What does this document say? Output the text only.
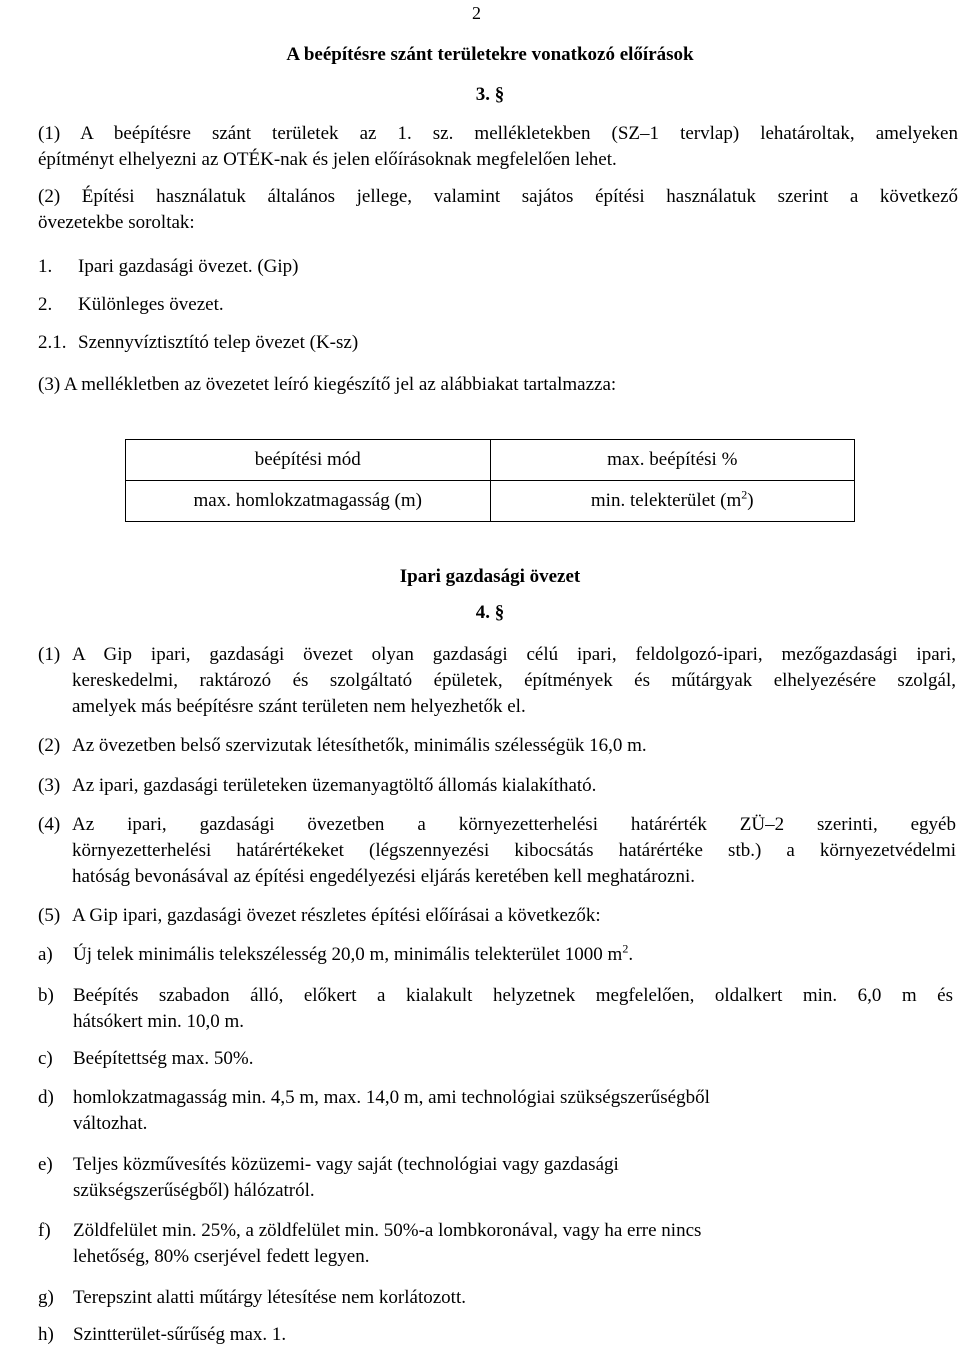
2
A beépítésre szánt területekre vonatkozó előírások
3. §
(1) A beépítésre szánt területek az 1. sz. mellékletekben (SZ–1 tervlap) lehatároltak, amelyeken
építményt elhelyezni az OTÉK-nak és jelen előírásoknak megfelelően lehet.
(2) Építési használatuk általános jellege, valamint sajátos építési használatuk szerint a következő
övezetekbe soroltak:
1. Ipari gazdasági övezet. (Gip)
2. Különleges övezet.
2.1. Szennyvíztisztító telep övezet (K-sz)
(3) A mellékletben az övezetet leíró kiegészítő jel az alábbiakat tartalmazza:
beépítési mód	max. beépítési %
max. homlokzatmagasság (m)	min. telekterület $(m^2)$
Ipari gazdasági övezet
4. §
(1) A Gip ipari, gazdasági övezet olyan gazdasági célú ipari, feldolgozó-ipari, mezőgazdasági ipari,
kereskedelmi, raktározó és szolgáltató épületek, építmények és műtárgyak elhelyezésére szolgál,
amelyek más beépítésre szánt területen nem helyezhetők el.
(2) Az övezetben belső szervizutak létesíthetők, minimális szélességük 16,0 m.
(3) Az ipari, gazdasági területeken üzemanyagtöltő állomás kialakítható.
(4) Az ipari, gazdasági övezetben a környezetterhelési határérték ZÜ–2 szerinti, egyéb
környezetterhelési határértékeket (légszennyezési kibocsátás határértéke stb.) a környezetvédelmi
hatóság bevonásával az építési engedélyezési eljárás keretében kell meghatározni.
(5) A Gip ipari, gazdasági övezet részletes építési előírásai a következők:
a)	Új telek minimális telekszélesség 20,0 m, minimális telekterület 1000 $m^2$.
b)	Beépítés szabadon álló, előkert a kialakult helyzetnek megfelelően, oldalkert min. 6,0 m és
hátsókert min. 10,0 m.
c)	Beépítettség max. 50%.
d)	homlokzatmagasság min. 4,5 m, max. 14,0 m, ami technológiai szükségszerűségből
változhat.
e)	Teljes közművesítés közüzemi- vagy saját (technológiai vagy gazdasági
szükségszerűségből) hálózatról.
f)	Zöldfelület min. 25%, a zöldfelület min. 50%-a lombkoronával, vagy ha erre nincs
lehetőség, 80% cserjével fedett legyen.
g)	Terepszint alatti műtárgy létesítése nem korlátozott.
h)	Szintterület-sűrűség max. 1.
